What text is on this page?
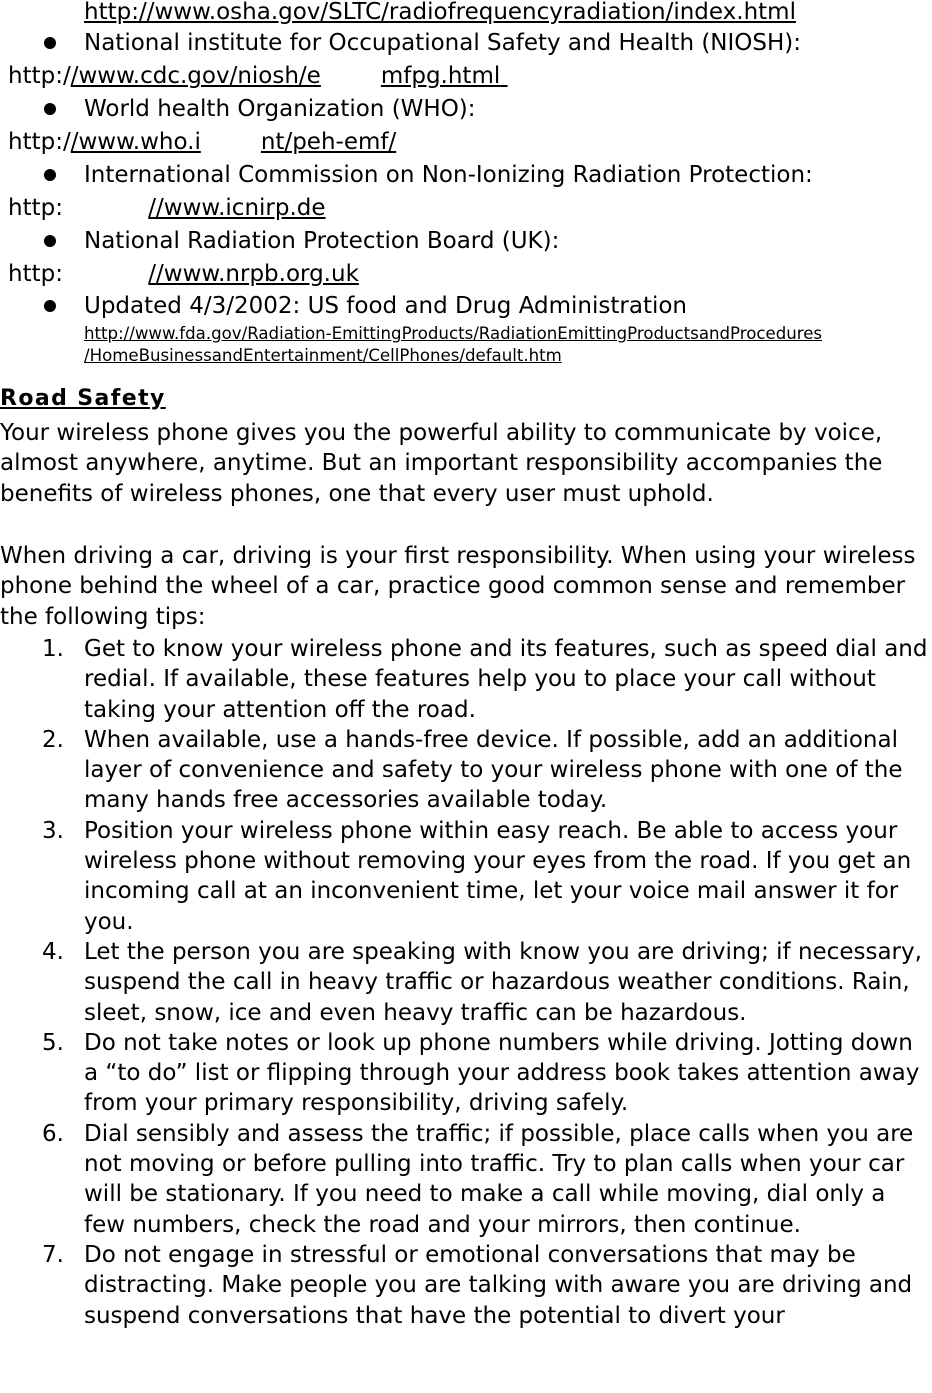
http://www.osha.gov/SLTC/radiofrequencyradiation/index.html
National institute for Occupational Safety and Health (NIOSH):
http://www.cdc.gov/niosh/e	mfpg.html
World health Organization (WHO):
http://www.who.i	nt/peh-emf/
International Commission on Non-Ionizing Radiation Protection:
http:	//www.icnirp.de
National Radiation Protection Board (UK):
http:	//www.nrpb.org.uk
Updated 4/3/2002: US food and Drug Administration
http://www.fda.gov/Radiation-EmittingProducts/RadiationEmittingProductsandProcedures
/HomeBusinessandEntertainment/CellPhones/default.htm
Road Safety
Your wireless phone gives you the powerful ability to communicate by voice, almost anywhere, anytime. But an important responsibility accompanies the benefits of wireless phones, one that every user must uphold.
When driving a car, driving is your first responsibility. When using your wireless phone behind the wheel of a car, practice good common sense and remember the following tips:
1. Get to know your wireless phone and its features, such as speed dial and redial. If available, these features help you to place your call without taking your attention off the road.
2. When available, use a hands-free device. If possible, add an additional layer of convenience and safety to your wireless phone with one of the many hands free accessories available today.
3. Position your wireless phone within easy reach. Be able to access your wireless phone without removing your eyes from the road. If you get an incoming call at an inconvenient time, let your voice mail answer it for you.
4. Let the person you are speaking with know you are driving; if necessary, suspend the call in heavy traffic or hazardous weather conditions. Rain, sleet, snow, ice and even heavy traffic can be hazardous.
5. Do not take notes or look up phone numbers while driving. Jotting down a “to do” list or flipping through your address book takes attention away from your primary responsibility, driving safely.
6. Dial sensibly and assess the traffic; if possible, place calls when you are not moving or before pulling into traffic. Try to plan calls when your car will be stationary. If you need to make a call while moving, dial only a few numbers, check the road and your mirrors, then continue.
7. Do not engage in stressful or emotional conversations that may be distracting. Make people you are talking with aware you are driving and suspend conversations that have the potential to divert your
